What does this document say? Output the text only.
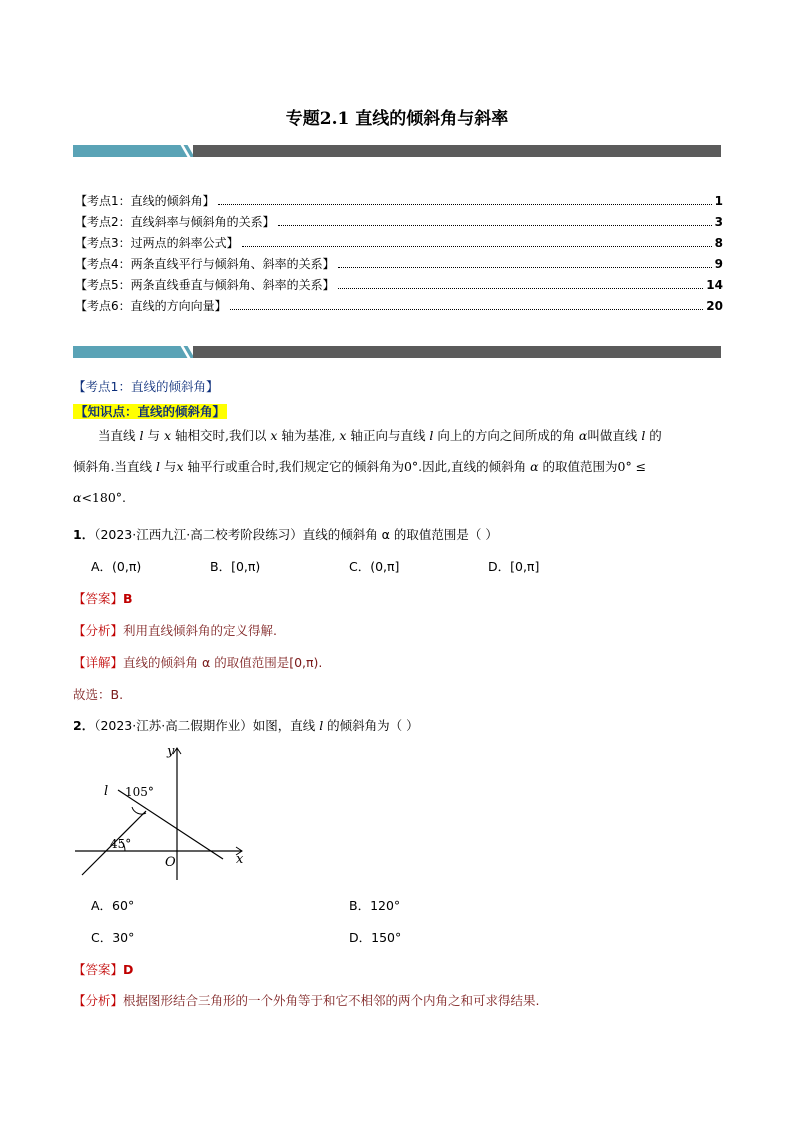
专题2.1 直线的倾斜角与斜率
【考点1：直线的倾斜角】	1
【考点2：直线斜率与倾斜角的关系】	3
【考点3：过两点的斜率公式】	8
【考点4：两条直线平行与倾斜角、斜率的关系】	9
【考点5：两条直线垂直与倾斜角、斜率的关系】	14
【考点6：直线的方向向量】	20
【考点1：直线的倾斜角】
【知识点：直线的倾斜角】
当直线 l 与 x 轴相交时,我们以 x 轴为基准, x 轴正向与直线 l 向上的方向之间所成的角 α叫做直线 l 的
倾斜角.当直线 l 与x 轴平行或重合时,我们规定它的倾斜角为0°.因此,直线的倾斜角 α 的取值范围为0° ≤
α<180°.
1．（2023·江西九江·高二校考阶段练习）直线的倾斜角 α 的取值范围是（ ）
A．(0,π)	B．[0,π)	C．(0,π]	D．[0,π]
【答案】B
【分析】利用直线倾斜角的定义得解.
【详解】直线的倾斜角 α 的取值范围是[0,π).
故选：B.
2．（2023·江苏·高二假期作业）如图，直线 l 的倾斜角为（ ）
l
y
x
O
105°
45°
A．60°	B．120°
C．30°	D．150°
【答案】D
【分析】根据图形结合三角形的一个外角等于和它不相邻的两个内角之和可求得结果.
